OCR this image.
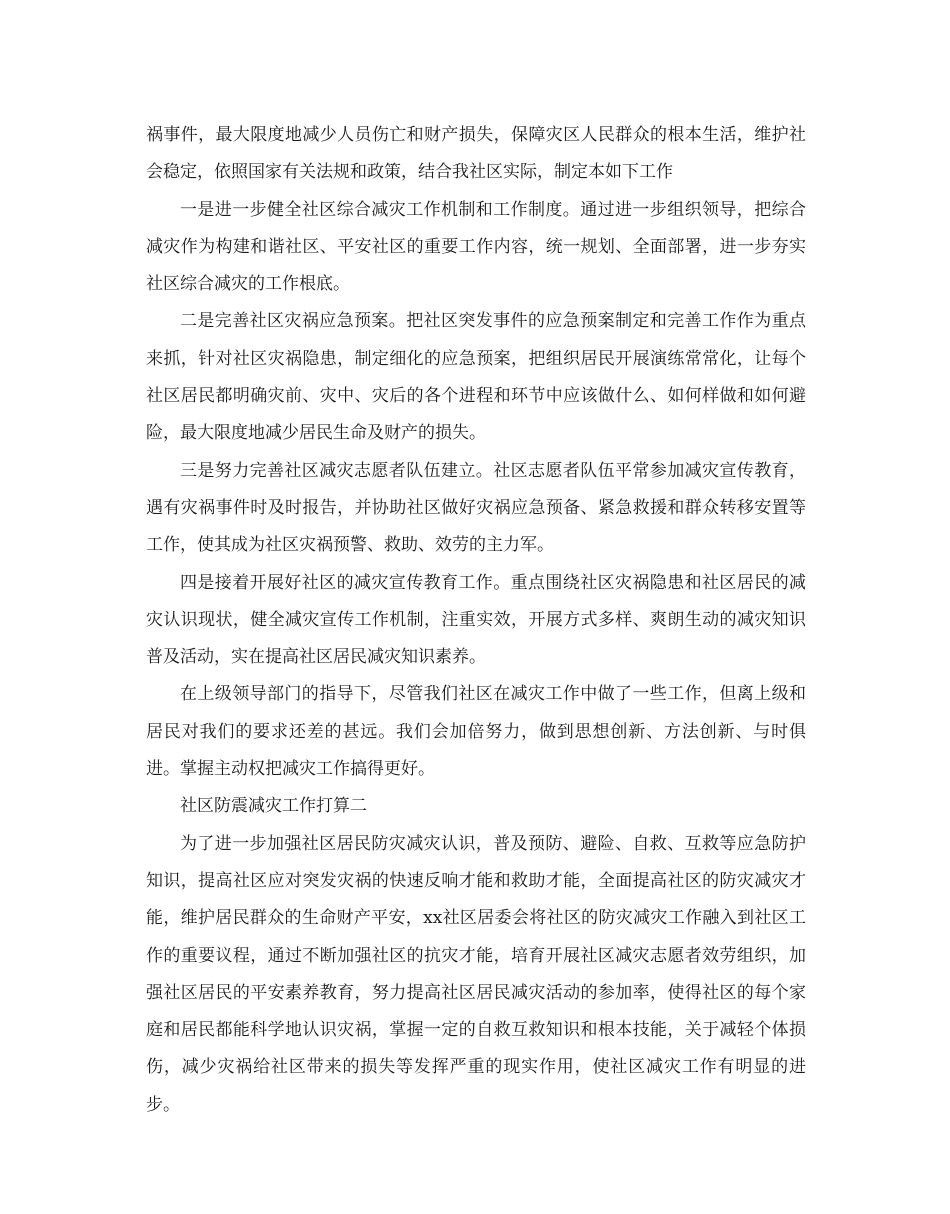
祸事件，最大限度地减少人员伤亡和财产损失，保障灾区人民群众的根本生活，维护社会稳定，依照国家有关法规和政策，结合我社区实际，制定本如下工作

一是进一步健全社区综合减灾工作机制和工作制度。通过进一步组织领导，把综合减灾作为构建和谐社区、平安社区的重要工作内容，统一规划、全面部署，进一步夯实社区综合减灾的工作根底。

二是完善社区灾祸应急预案。把社区突发事件的应急预案制定和完善工作作为重点来抓，针对社区灾祸隐患，制定细化的应急预案，把组织居民开展演练常常化，让每个社区居民都明确灾前、灾中、灾后的各个进程和环节中应该做什么、如何样做和如何避险，最大限度地减少居民生命及财产的损失。

三是努力完善社区减灾志愿者队伍建立。社区志愿者队伍平常参加减灾宣传教育，遇有灾祸事件时及时报告，并协助社区做好灾祸应急预备、紧急救援和群众转移安置等工作，使其成为社区灾祸预警、救助、效劳的主力军。

四是接着开展好社区的减灾宣传教育工作。重点围绕社区灾祸隐患和社区居民的减灾认识现状，健全减灾宣传工作机制，注重实效，开展方式多样、爽朗生动的减灾知识普及活动，实在提高社区居民减灾知识素养。

在上级领导部门的指导下，尽管我们社区在减灾工作中做了一些工作，但离上级和居民对我们的要求还差的甚远。我们会加倍努力，做到思想创新、方法创新、与时俱进。掌握主动权把减灾工作搞得更好。

社区防震减灾工作打算二

为了进一步加强社区居民防灾减灾认识，普及预防、避险、自救、互救等应急防护知识，提高社区应对突发灾祸的快速反响才能和救助才能，全面提高社区的防灾减灾才能，维护居民群众的生命财产平安，xx社区居委会将社区的防灾减灾工作融入到社区工作的重要议程，通过不断加强社区的抗灾才能，培育开展社区减灾志愿者效劳组织，加强社区居民的平安素养教育，努力提高社区居民减灾活动的参加率，使得社区的每个家庭和居民都能科学地认识灾祸，掌握一定的自救互救知识和根本技能，关于减轻个体损伤，减少灾祸给社区带来的损失等发挥严重的现实作用，使社区减灾工作有明显的进步。
